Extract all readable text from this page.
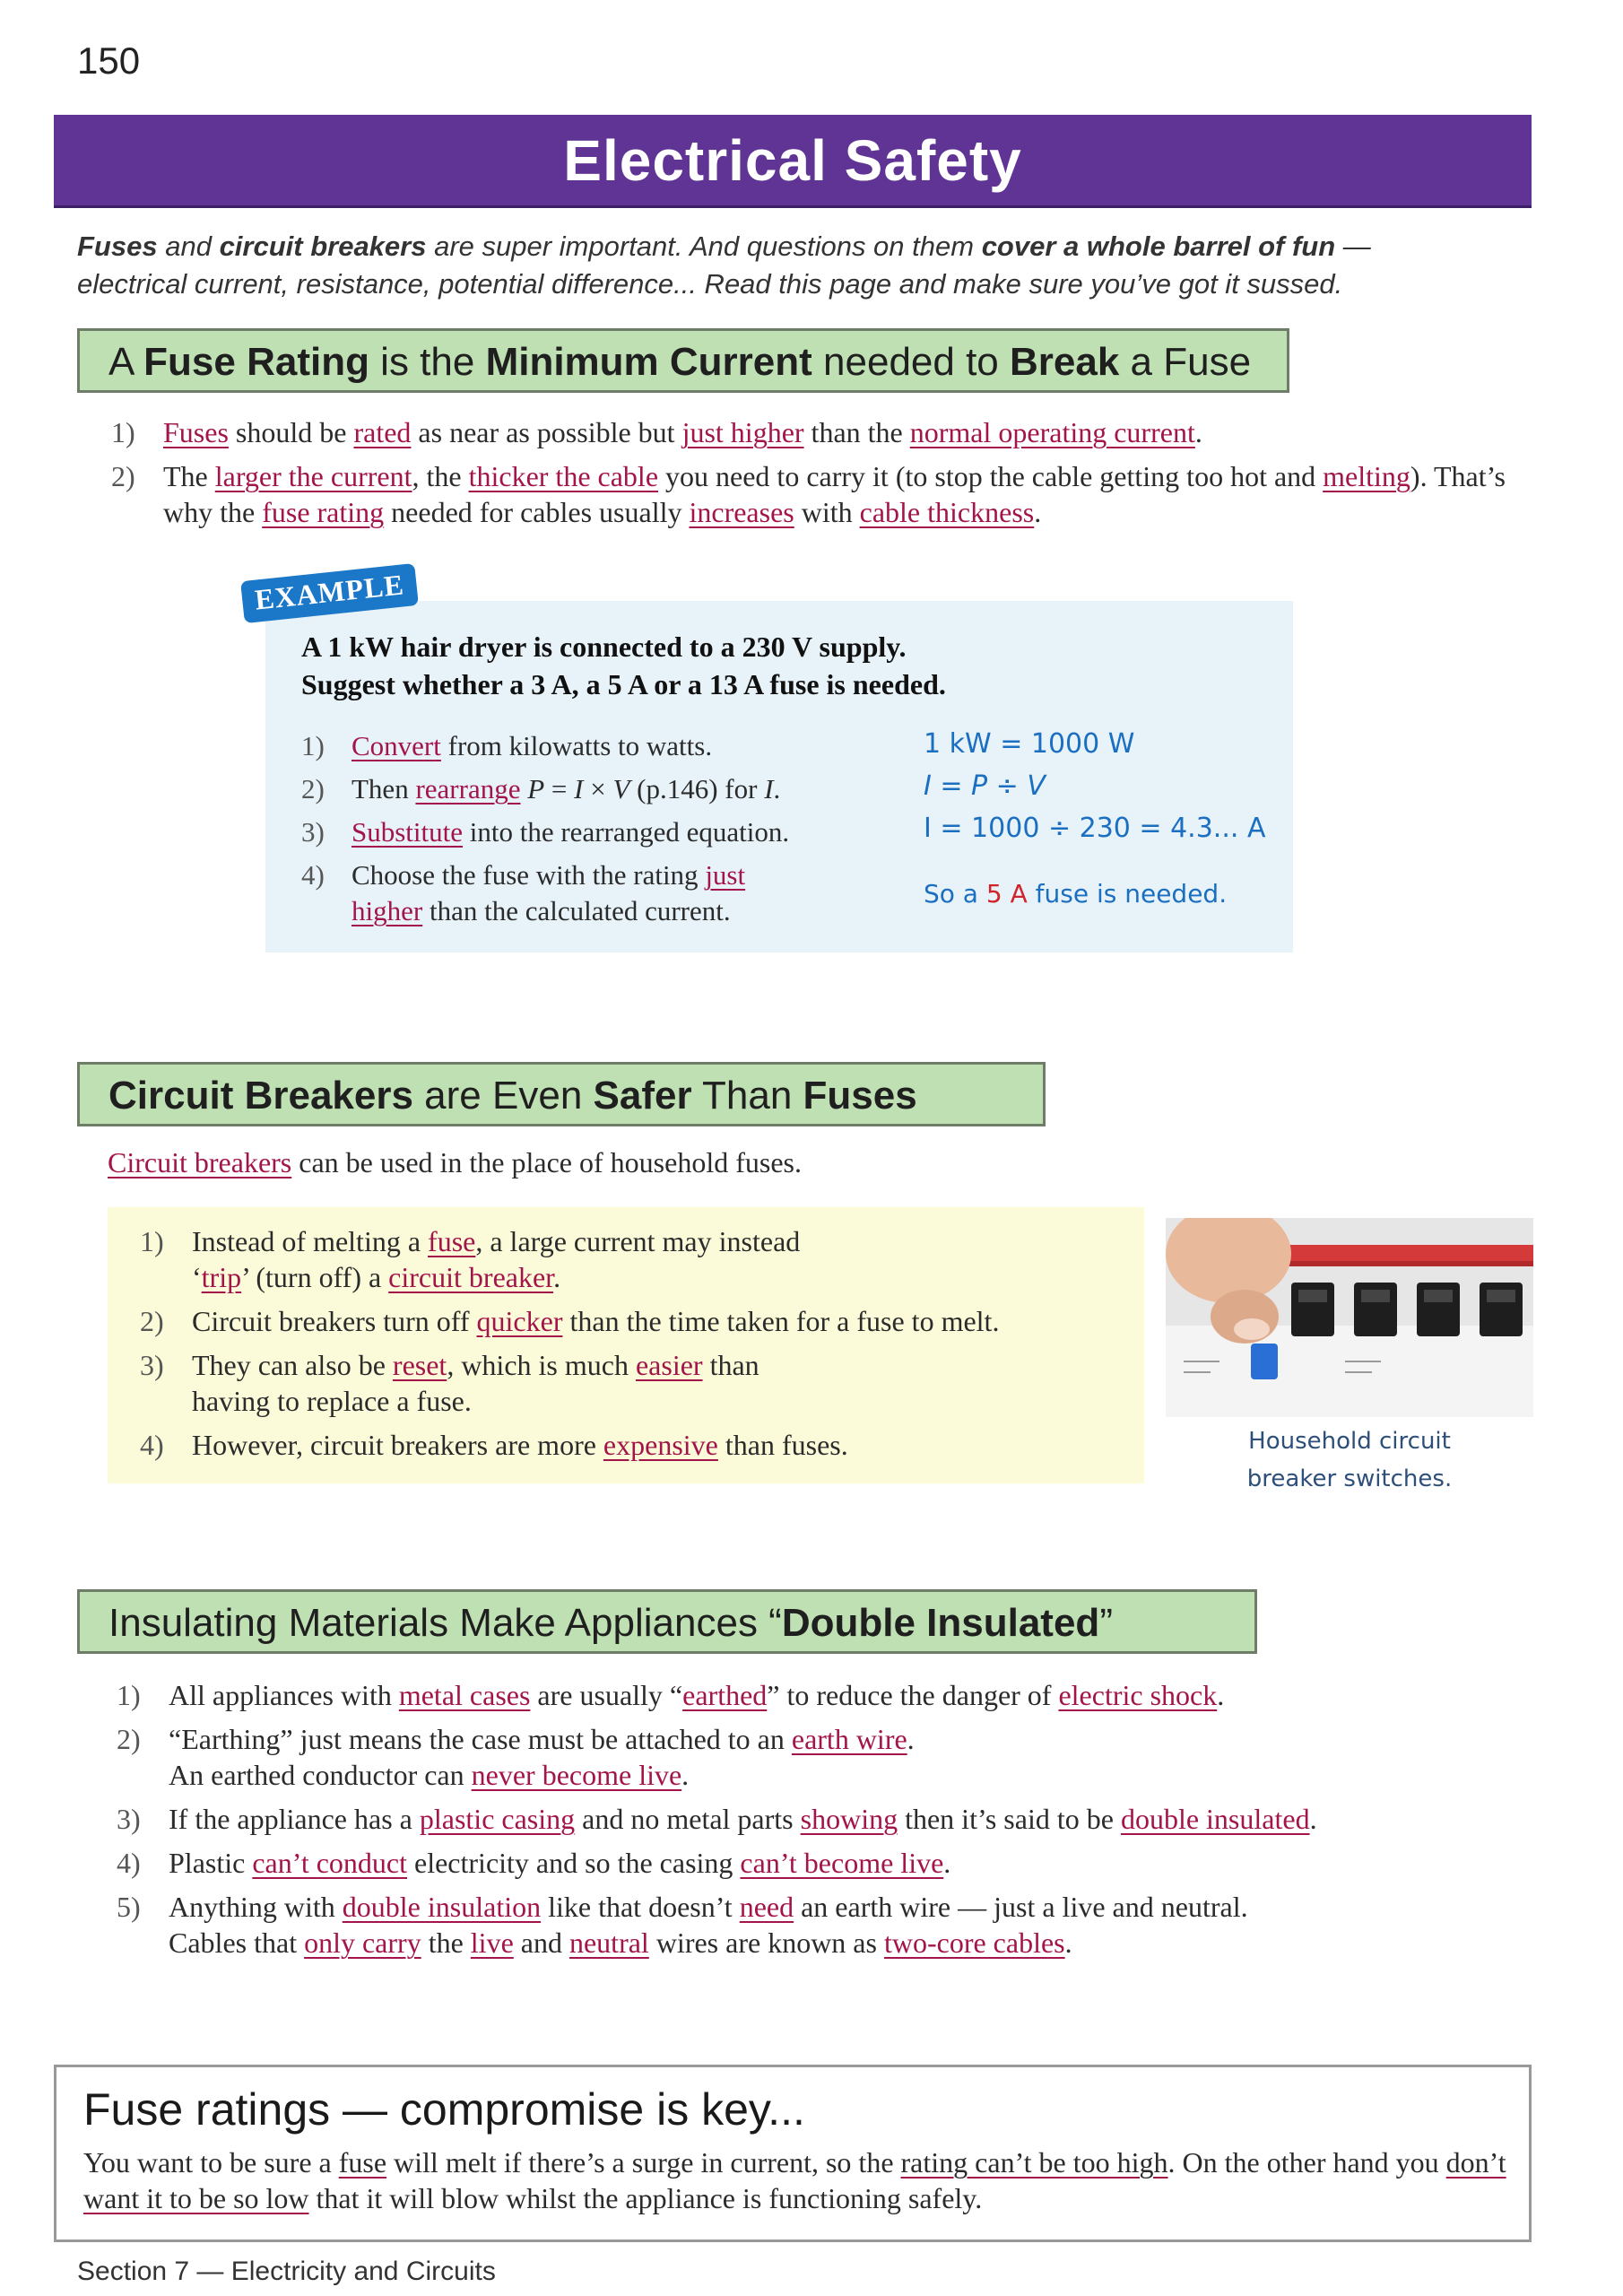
150
Electrical Safety
Fuses and circuit breakers are super important. And questions on them cover a whole barrel of fun — electrical current, resistance, potential difference... Read this page and make sure you’ve got it sussed.
A Fuse Rating is the Minimum Current needed to Break a Fuse
1) Fuses should be rated as near as possible but just higher than the normal operating current.
2) The larger the current, the thicker the cable you need to carry it (to stop the cable getting too hot and melting). That’s why the fuse rating needed for cables usually increases with cable thickness.
EXAMPLE
A 1 kW hair dryer is connected to a 230 V supply.
Suggest whether a 3 A, a 5 A or a 13 A fuse is needed.
1) Convert from kilowatts to watts.
2) Then rearrange P = I × V (p.146) for I.
3) Substitute into the rearranged equation.
4) Choose the fuse with the rating just higher than the calculated current.
1 kW = 1000 W
I = P ÷ V
I = 1000 ÷ 230 = 4.3... A
So a 5 A fuse is needed.
Circuit Breakers are Even Safer Than Fuses
Circuit breakers can be used in the place of household fuses.
1) Instead of melting a fuse, a large current may instead ‘trip’ (turn off) a circuit breaker.
2) Circuit breakers turn off quicker than the time taken for a fuse to melt.
3) They can also be reset, which is much easier than having to replace a fuse.
4) However, circuit breakers are more expensive than fuses.	Household circuit
breaker switches.
Insulating Materials Make Appliances “Double Insulated”
1) All appliances with metal cases are usually “earthed” to reduce the danger of electric shock.
2) “Earthing” just means the case must be attached to an earth wire.
An earthed conductor can never become live.
3) If the appliance has a plastic casing and no metal parts showing then it’s said to be double insulated.
4) Plastic can’t conduct electricity and so the casing can’t become live.
5) Anything with double insulation like that doesn’t need an earth wire — just a live and neutral.
Cables that only carry the live and neutral wires are known as two-core cables.
Fuse ratings — compromise is key...
You want to be sure a fuse will melt if there’s a surge in current, so the rating can’t be too high. On the other hand you don’t want it to be so low that it will blow whilst the appliance is functioning safely.
Section 7 — Electricity and Circuits
